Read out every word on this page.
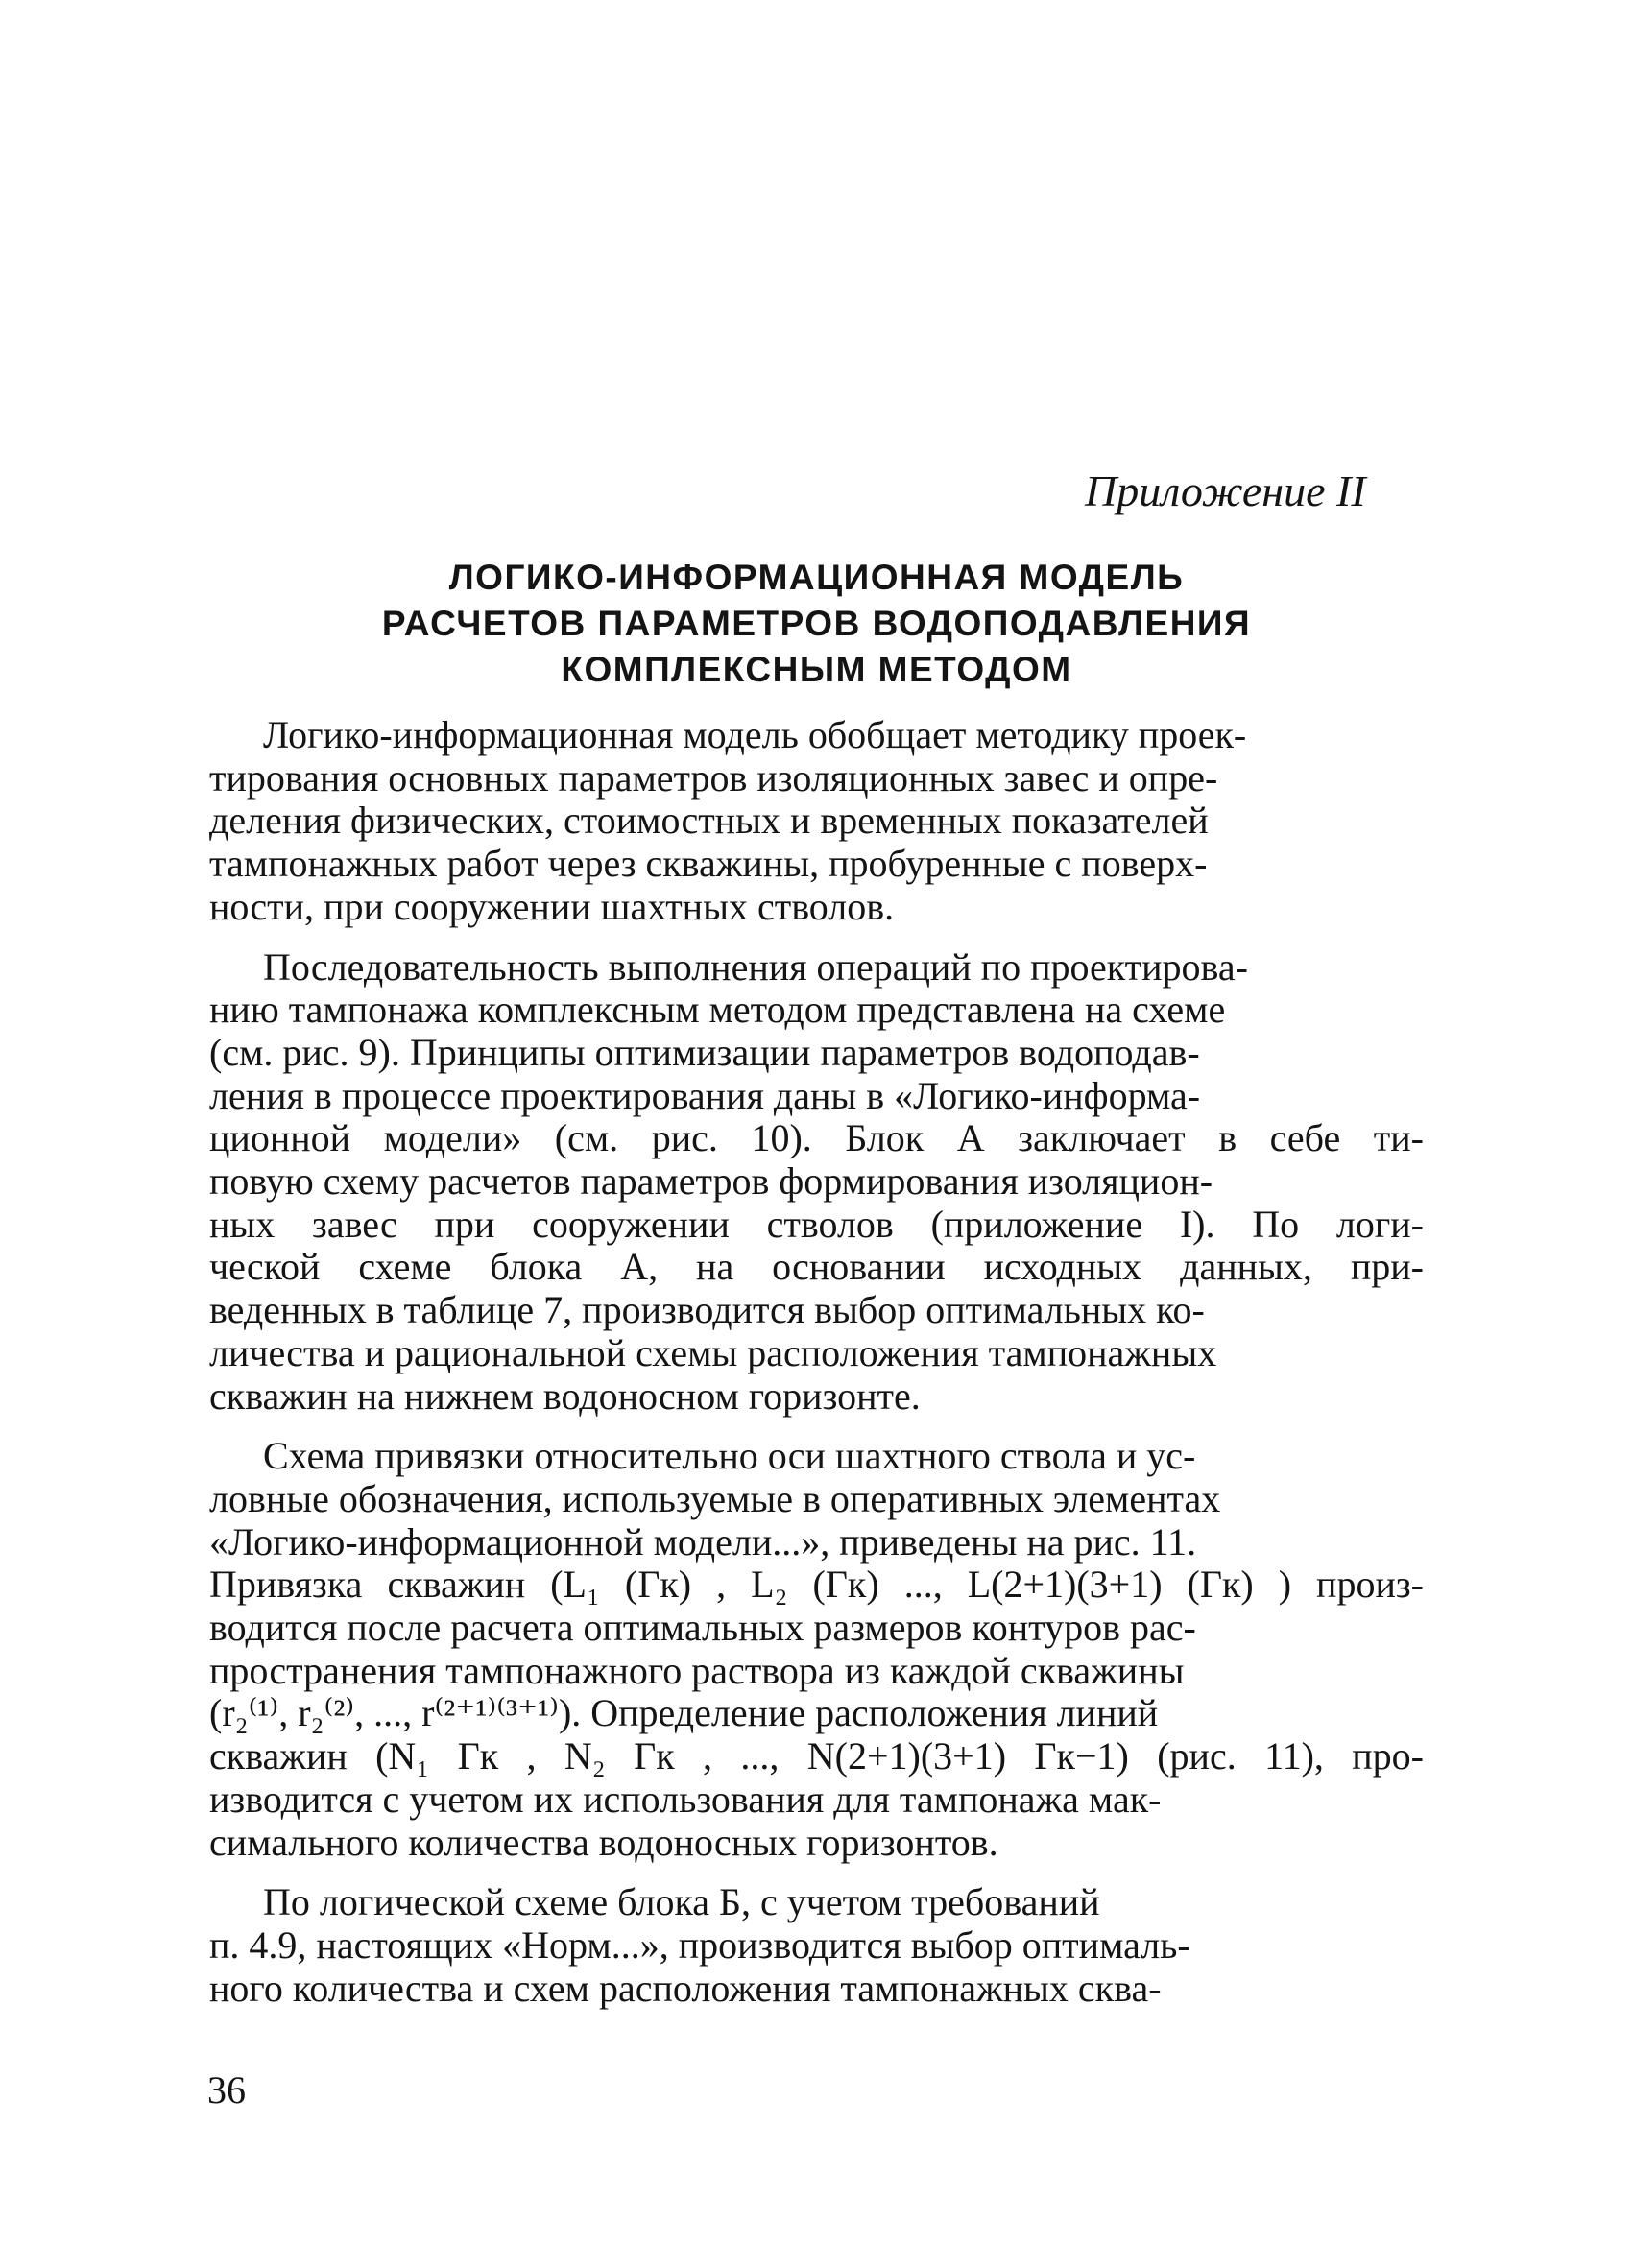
Приложение II
ЛОГИКО-ИНФОРМАЦИОННАЯ МОДЕЛЬ
РАСЧЕТОВ ПАРАМЕТРОВ ВОДОПОДАВЛЕНИЯ
КОМПЛЕКСНЫМ МЕТОДОМ
Логико-информационная модель обобщает методику проек-
тирования основных параметров изоляционных завес и опре-
деления физических, стоимостных и временных показателей
тампонажных работ через скважины, пробуренные с поверх-
ности, при сооружении шахтных стволов.
Последовательность выполнения операций по проектирова-
нию тампонажа комплексным методом представлена на схеме
(см. рис. 9). Принципы оптимизации параметров водоподав-
ления в процессе проектирования даны в «Логико-информа-
ционной модели» (см. рис. 10). Блок А заключает в себе ти-
повую схему расчетов параметров формирования изоляцион-
ных завес при сооружении стволов (приложение I). По логи-
ческой схеме блока А, на основании исходных данных, при-
веденных в таблице 7, производится выбор оптимальных ко-
личества и рациональной схемы расположения тампонажных
скважин на нижнем водоносном горизонте.
Схема привязки относительно оси шахтного ствола и ус-
ловные обозначения, используемые в оперативных элементах
«Логико-информационной модели...», приведены на рис. 11.
Привязка скважин (L₁ (Гк) , L₂ (Гк) ..., L(2+1)(3+1) (Гк) ) произ-
водится после расчета оптимальных размеров контуров рас-
пространения тампонажного раствора из каждой скважины
(r₂⁽¹⁾, r₂⁽²⁾, ..., r⁽²⁺¹⁾⁽³⁺¹⁾). Определение расположения линий
скважин (N₁ Гк , N₂ Гк , ..., N(2+1)(3+1) Гк−1) (рис. 11), про-
изводится с учетом их использования для тампонажа мак-
симального количества водоносных горизонтов.
По логической схеме блока Б, с учетом требований
п. 4.9, настоящих «Норм...», производится выбор оптималь-
ного количества и схем расположения тампонажных сква-
36
